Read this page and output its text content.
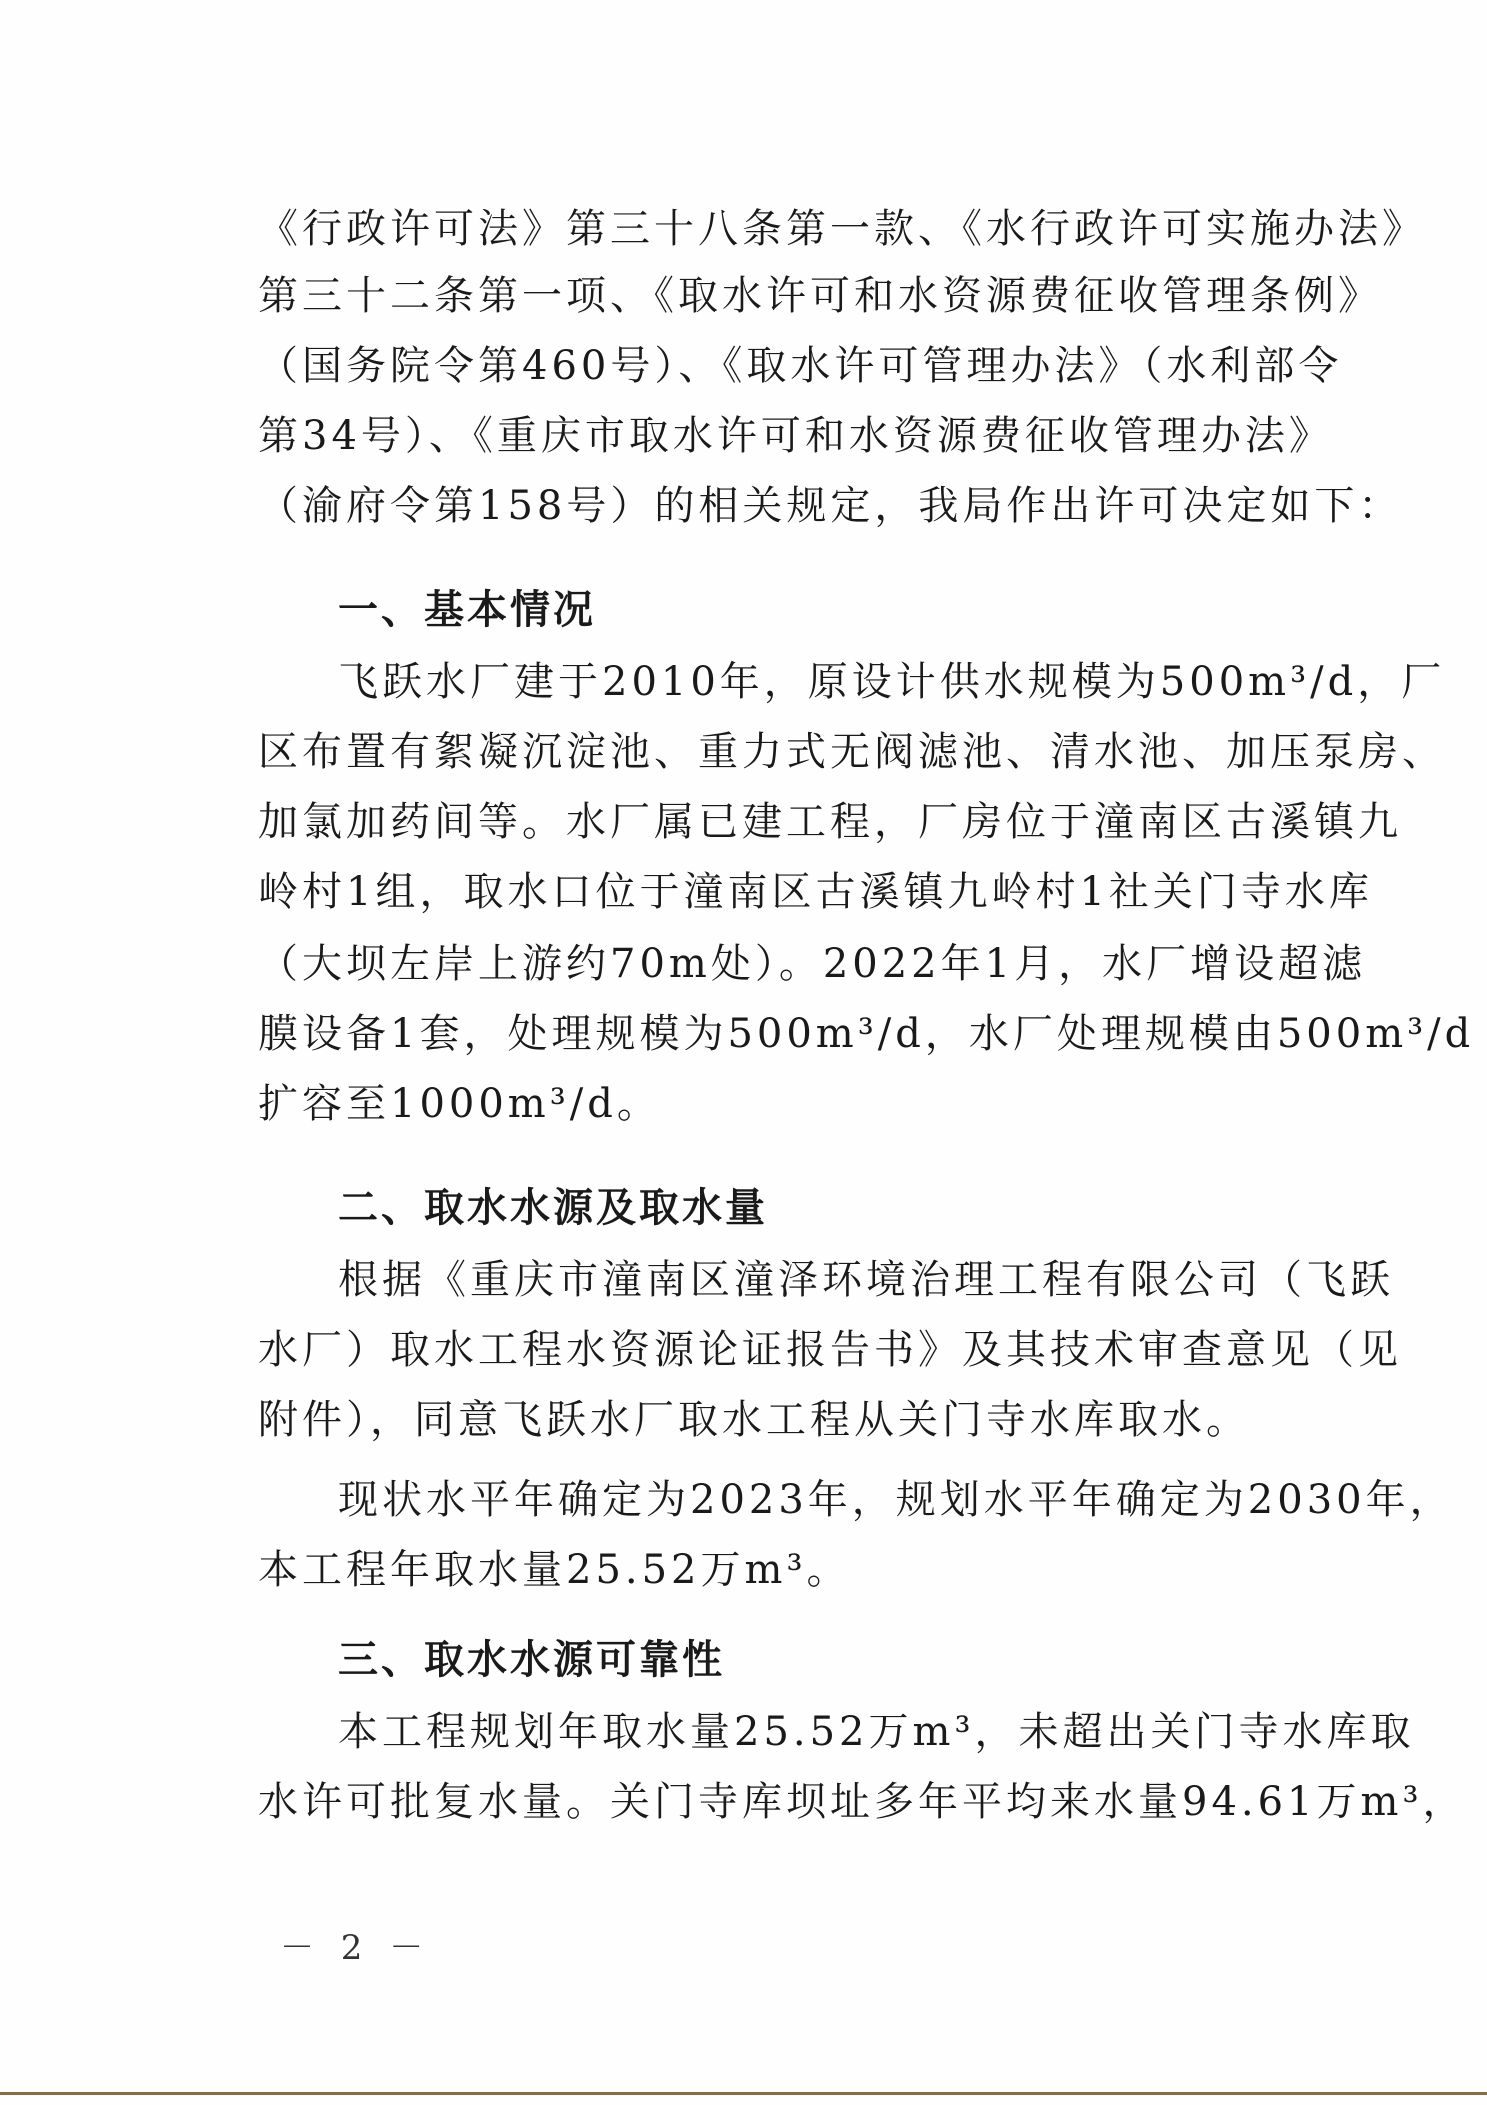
《行政许可法》第三十八条第一款、《水行政许可实施办法》
第三十二条第一项、《取水许可和水资源费征收管理条例》
（国务院令第460号）、《取水许可管理办法》（水利部令
第34号）、《重庆市取水许可和水资源费征收管理办法》
（渝府令第158号）的相关规定，我局作出许可决定如下：
一、基本情况
飞跃水厂建于2010年，原设计供水规模为500m³/d，厂
区布置有絮凝沉淀池、重力式无阀滤池、清水池、加压泵房、
加氯加药间等。水厂属已建工程，厂房位于潼南区古溪镇九
岭村1组，取水口位于潼南区古溪镇九岭村1社关门寺水库
（大坝左岸上游约70m处）。2022年1月，水厂增设超滤
膜设备1套，处理规模为500m³/d，水厂处理规模由500m³/d
扩容至1000m³/d。
二、取水水源及取水量
根据《重庆市潼南区潼泽环境治理工程有限公司（飞跃
水厂）取水工程水资源论证报告书》及其技术审查意见（见
附件），同意飞跃水厂取水工程从关门寺水库取水。
现状水平年确定为2023年，规划水平年确定为2030年，
本工程年取水量25.52万m³。
三、取水水源可靠性
本工程规划年取水量25.52万m³，未超出关门寺水库取
水许可批复水量。关门寺库坝址多年平均来水量94.61万m³，
－ 2 －
